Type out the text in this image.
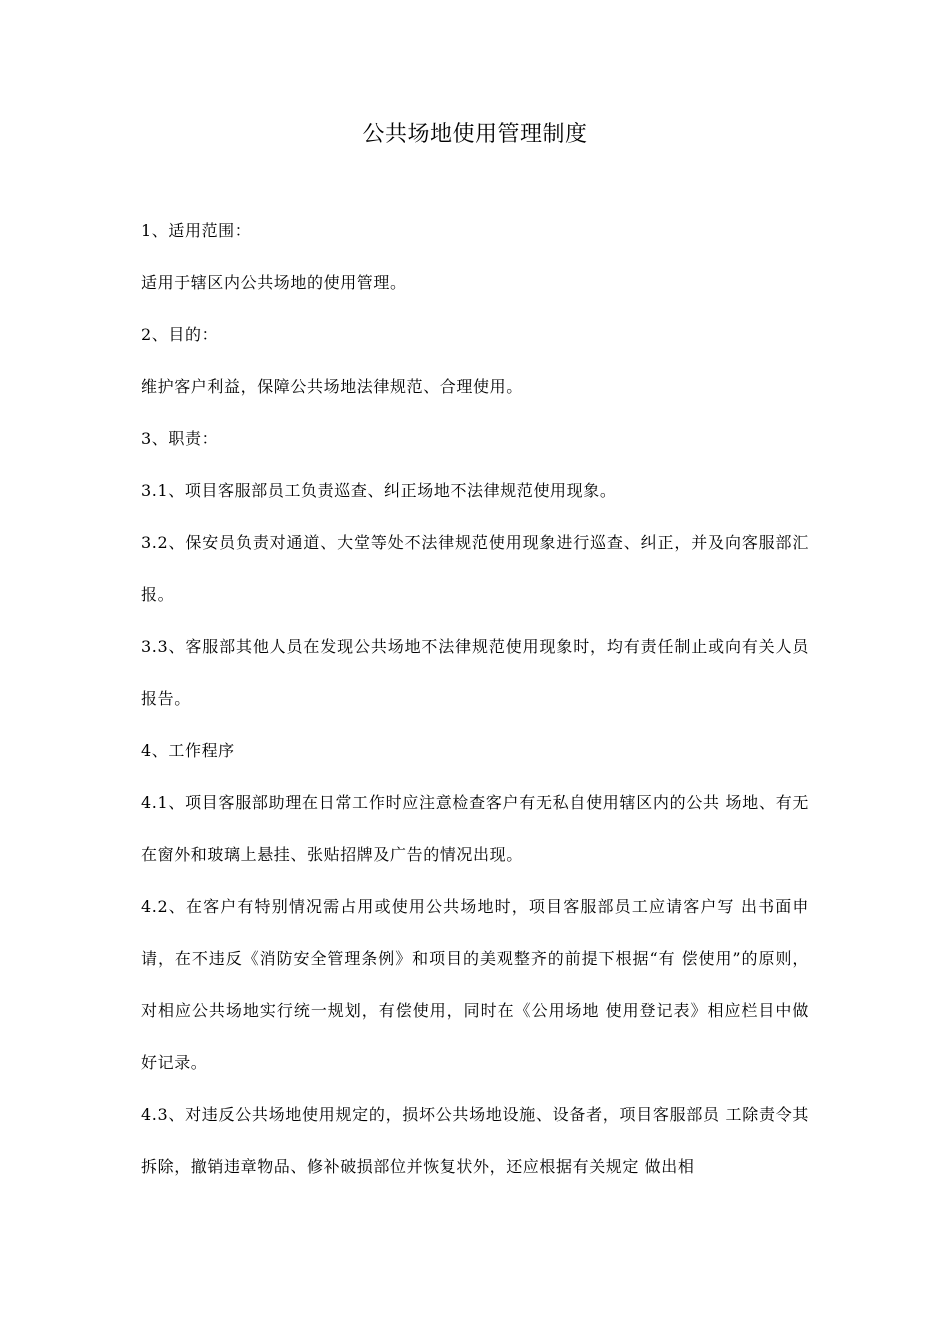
公共场地使用管理制度

1、适用范围：

适用于辖区内公共场地的使用管理。

2、目的：

维护客户利益，保障公共场地法律规范、合理使用。

3、职责：

3.1、项目客服部员工负责巡查、纠正场地不法律规范使用现象。

3.2、保安员负责对通道、大堂等处不法律规范使用现象进行巡查、纠正，并及向客服部汇报。

3.3、客服部其他人员在发现公共场地不法律规范使用现象时，均有责任制止或向有关人员报告。

4、工作程序

4.1、项目客服部助理在日常工作时应注意检查客户有无私自使用辖区内的公共 场地、有无在窗外和玻璃上悬挂、张贴招牌及广告的情况出现。

4.2、在客户有特别情况需占用或使用公共场地时，项目客服部员工应请客户写 出书面申请，在不违反《消防安全管理条例》和项目的美观整齐的前提下根据“有 偿使用”的原则，对相应公共场地实行统一规划，有偿使用，同时在《公用场地 使用登记表》相应栏目中做好记录。

4.3、对违反公共场地使用规定的，损坏公共场地设施、设备者，项目客服部员 工除责令其拆除，撤销违章物品、修补破损部位并恢复状外，还应根据有关规定 做出相
